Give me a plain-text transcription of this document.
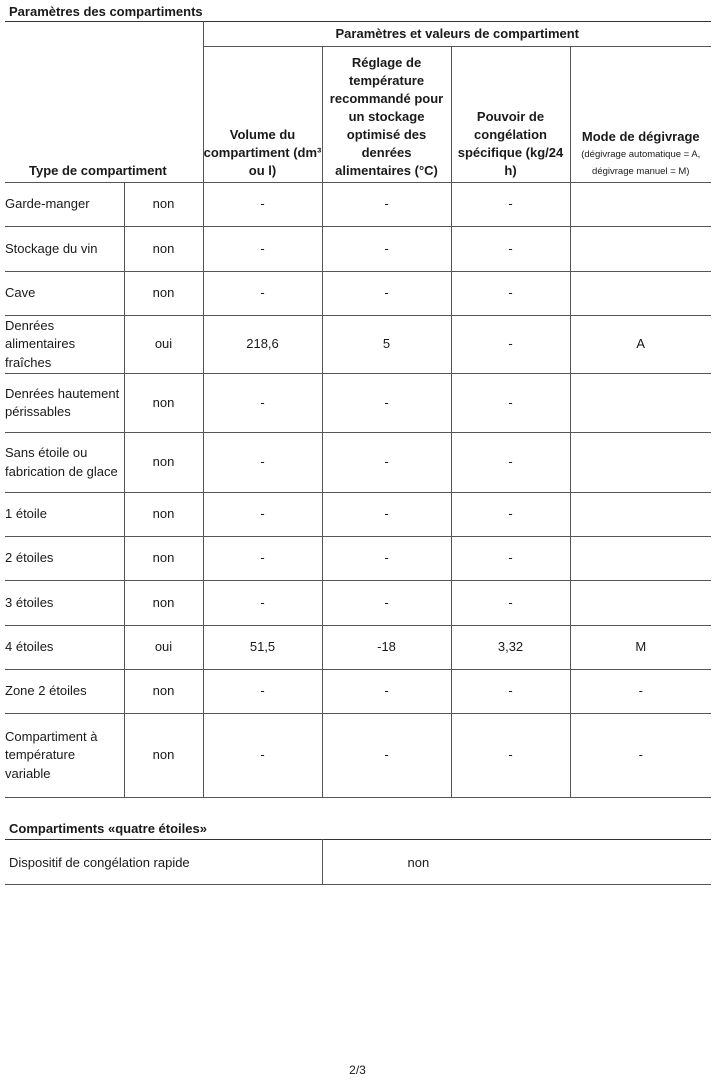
Paramètres des compartiments
Type de compartiment		Paramètres et valeurs de compartiment			
		Volume du compartiment (dm³ ou l)	Réglage de température recommandé pour un stockage optimisé des denrées alimentaires (°C)	Pouvoir de congélation spécifique (kg/24 h)	Mode de dégivrage
(dégivrage automatique = A, dégivrage manuel = M)

Garde-manger	non	-	-	-	
Stockage du vin	non	-	-	-	
Cave	non	-	-	-	
Denrées alimentaires fraîches	oui	218,6	5	-	A
Denrées hautement périssables	non	-	-	-	
Sans étoile ou fabrication de glace	non	-	-	-	
1 étoile	non	-	-	-	
2 étoiles	non	-	-	-	
3 étoiles	non	-	-	-	
4 étoiles	oui	51,5	-18	3,32	M
Zone 2 étoiles	non	-	-	-	-
Compartiment à température variable	non	-	-	-	-
Compartiments «quatre étoiles»
Dispositif de congélation rapide	non
2/3
